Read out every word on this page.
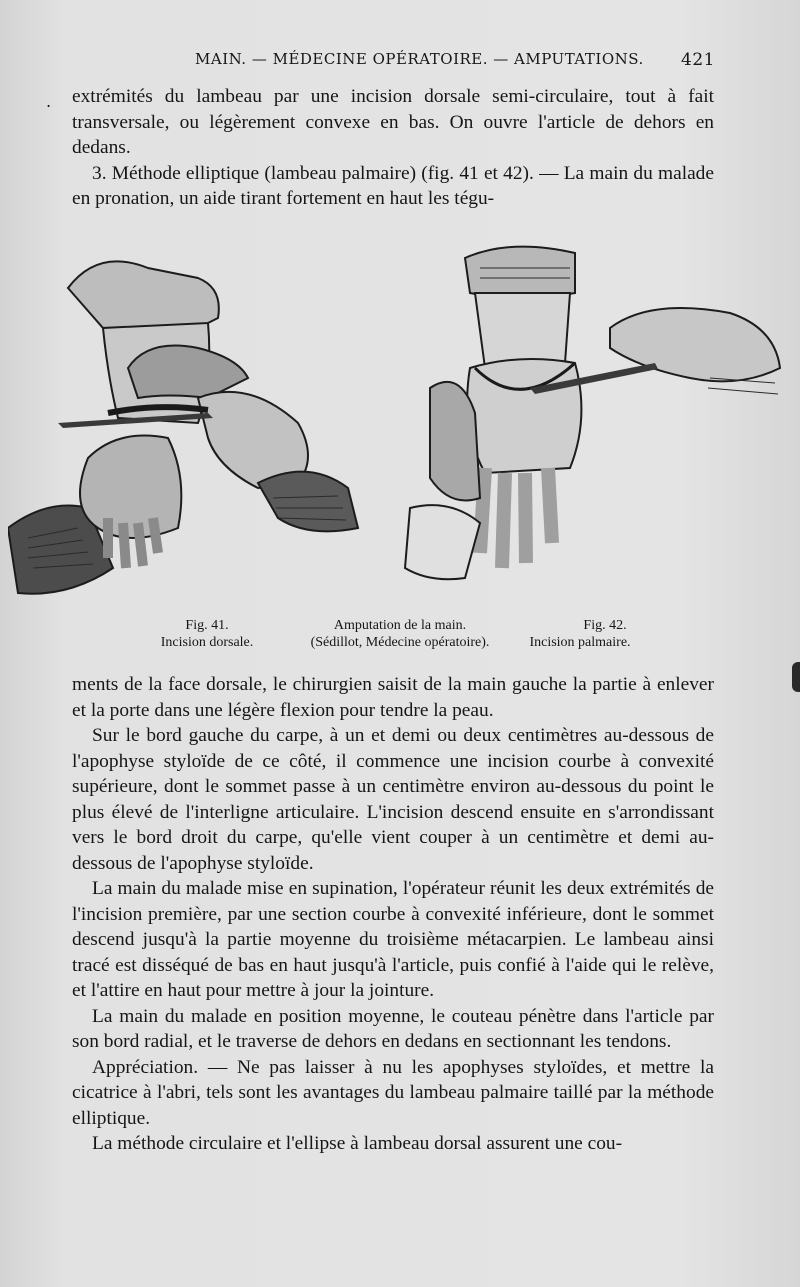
MAIN. — MÉDECINE OPÉRATOIRE. — AMPUTATIONS. 421
. extrémités du lambeau par une incision dorsale semi-circulaire, tout à fait transversale, ou légèrement convexe en bas. On ouvre l'article de dehors en dedans.

3. Méthode elliptique (lambeau palmaire) (fig. 41 et 42). — La main du malade en pronation, un aide tirant fortement en haut les tégu-

Fig. 41.
Incision dorsale.
Amputation de la main.
(Sédillot, Médecine opératoire).
Fig. 42.
Incision palmaire.

ments de la face dorsale, le chirurgien saisit de la main gauche la partie à enlever et la porte dans une légère flexion pour tendre la peau.

Sur le bord gauche du carpe, à un et demi ou deux centimètres au-dessous de l'apophyse styloïde de ce côté, il commence une incision courbe à convexité supérieure, dont le sommet passe à un centimètre environ au-dessous du point le plus élevé de l'interligne articulaire. L'incision descend ensuite en s'arrondissant vers le bord droit du carpe, qu'elle vient couper à un centimètre et demi au-dessous de l'apophyse styloïde.

La main du malade mise en supination, l'opérateur réunit les deux extrémités de l'incision première, par une section courbe à convexité inférieure, dont le sommet descend jusqu'à la partie moyenne du troisième métacarpien. Le lambeau ainsi tracé est disséqué de bas en haut jusqu'à l'article, puis confié à l'aide qui le relève, et l'attire en haut pour mettre à jour la jointure.

La main du malade en position moyenne, le couteau pénètre dans l'article par son bord radial, et le traverse de dehors en dedans en sectionnant les tendons.

Appréciation. — Ne pas laisser à nu les apophyses styloïdes, et mettre la cicatrice à l'abri, tels sont les avantages du lambeau palmaire taillé par la méthode elliptique.

La méthode circulaire et l'ellipse à lambeau dorsal assurent une cou-
